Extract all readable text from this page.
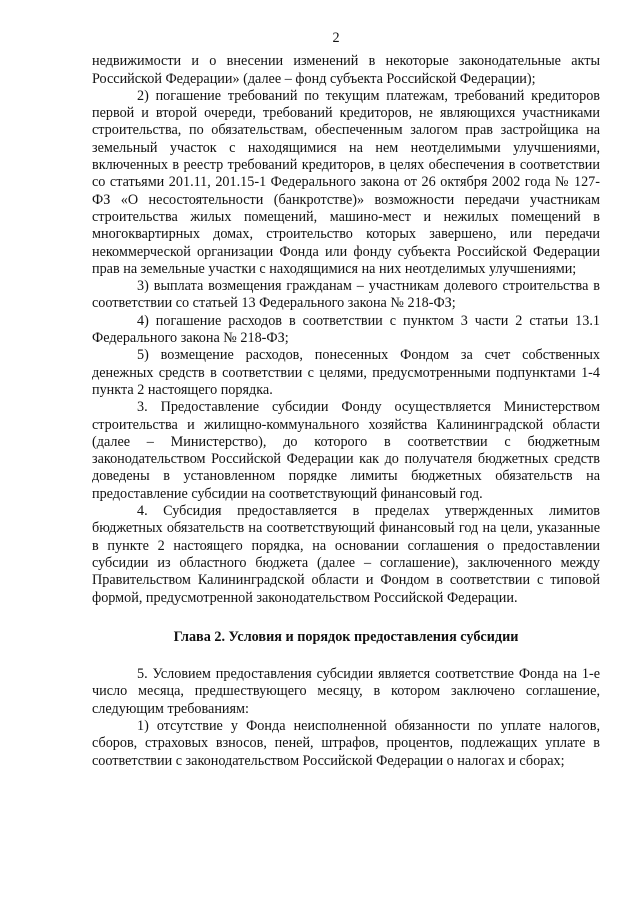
2

недвижимости и о внесении изменений в некоторые законодательные акты Российской Федерации» (далее – фонд субъекта Российской Федерации);

2) погашение требований по текущим платежам, требований кредиторов первой и второй очереди, требований кредиторов, не являющихся участниками строительства, по обязательствам, обеспеченным залогом прав застройщика на земельный участок с находящимися на нем неотделимыми улучшениями, включенных в реестр требований кредиторов, в целях обеспечения в соответствии со статьями 201.11, 201.15-1 Федерального закона от 26 октября 2002 года № 127-ФЗ «О несостоятельности (банкротстве)» возможности передачи участникам строительства жилых помещений, машино-мест и нежилых помещений в многоквартирных домах, строительство которых завершено, или передачи некоммерческой организации Фонда или фонду субъекта Российской Федерации прав на земельные участки с находящимися на них неотделимых улучшениями;

3) выплата возмещения гражданам – участникам долевого строительства в соответствии со статьей 13 Федерального закона № 218-ФЗ;

4) погашение расходов в соответствии с пунктом 3 части 2 статьи 13.1 Федерального закона № 218-ФЗ;

5) возмещение расходов, понесенных Фондом за счет собственных денежных средств в соответствии с целями, предусмотренными подпунктами 1-4 пункта 2 настоящего порядка.

3. Предоставление субсидии Фонду осуществляется Министерством строительства и жилищно-коммунального хозяйства Калининградской области (далее – Министерство), до которого в соответствии с бюджетным законодательством Российской Федерации как до получателя бюджетных средств доведены в установленном порядке лимиты бюджетных обязательств на предоставление субсидии на соответствующий финансовый год.

4. Субсидия предоставляется в пределах утвержденных лимитов бюджетных обязательств на соответствующий финансовый год на цели, указанные в пункте 2 настоящего порядка, на основании соглашения о предоставлении субсидии из областного бюджета (далее – соглашение), заключенного между Правительством Калининградской области и Фондом в соответствии с типовой формой, предусмотренной законодательством Российской Федерации.

Глава 2. Условия и порядок предоставления субсидии

5. Условием предоставления субсидии является соответствие Фонда на 1-е число месяца, предшествующего месяцу, в котором заключено соглашение, следующим требованиям:

1) отсутствие у Фонда неисполненной обязанности по уплате налогов, сборов, страховых взносов, пеней, штрафов, процентов, подлежащих уплате в соответствии с законодательством Российской Федерации о налогах и сборах;
